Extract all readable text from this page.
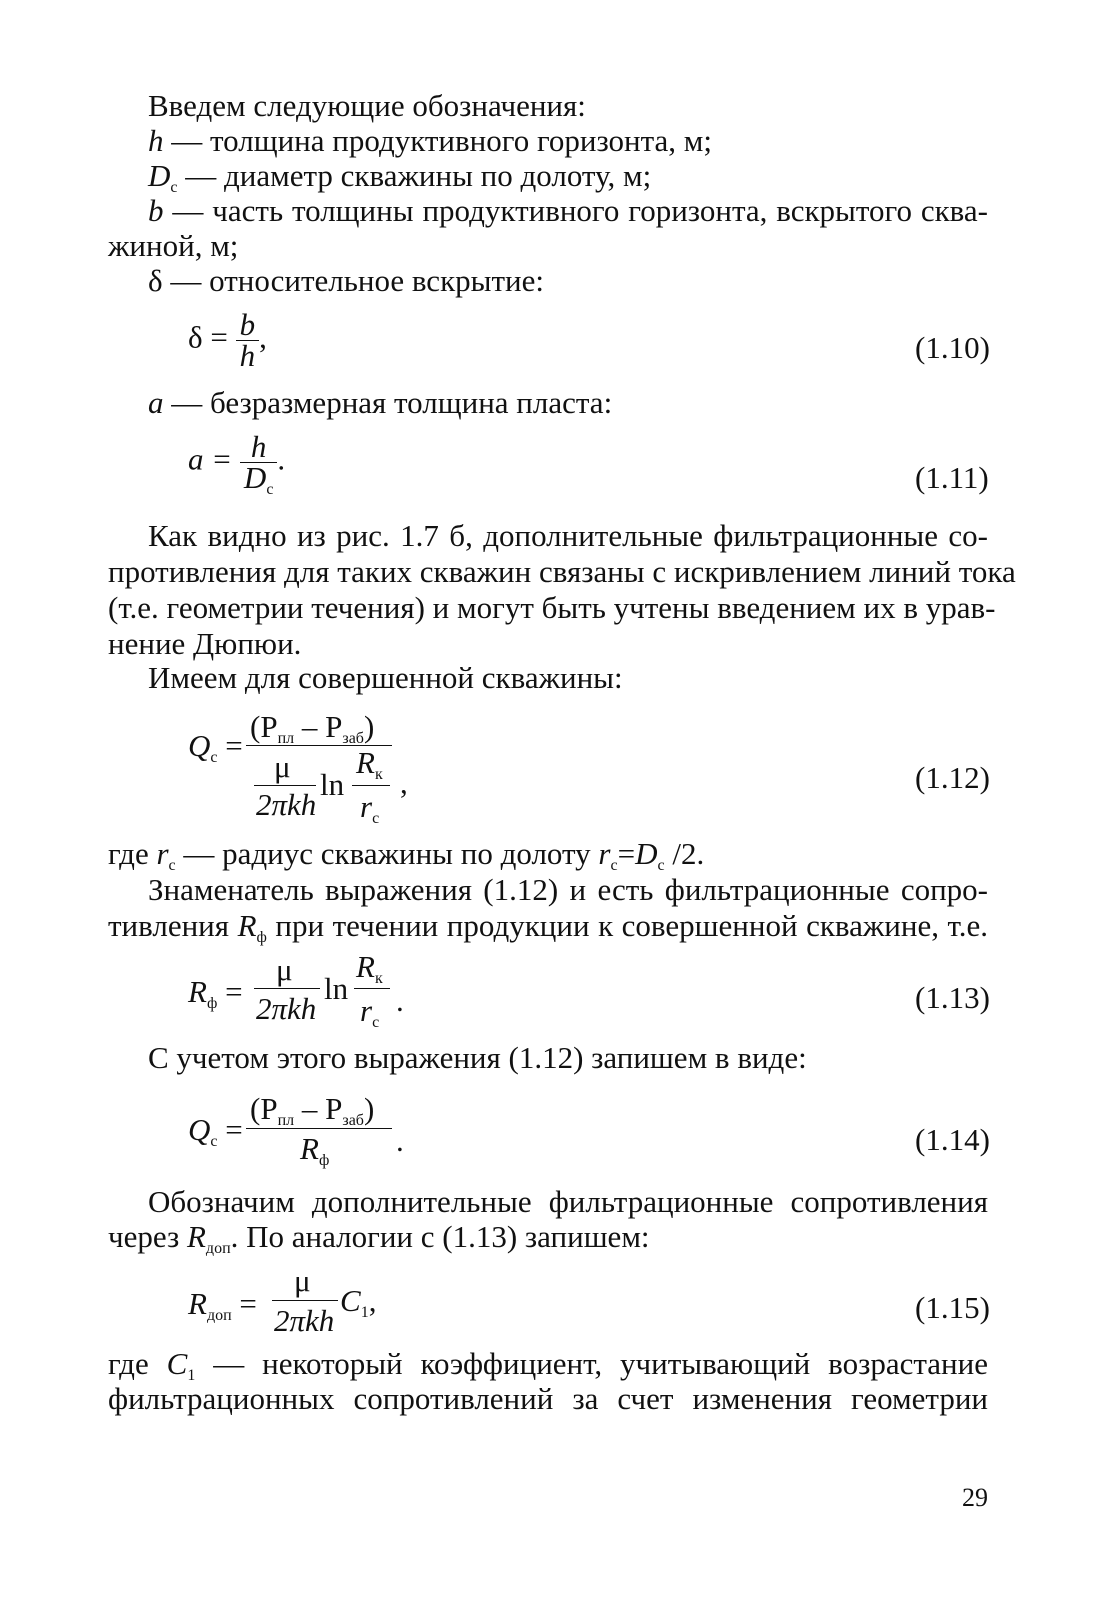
Введем следующие обозначения:
h — толщина продуктивного горизонта, м;
$D_с$ — диаметр скважины по долоту, м;
b — часть толщины продуктивного горизонта, вскрытого сква-
жиной, м;
δ — относительное вскрытие:
$\delta = \frac{b}{h}$ ,	(1.10)
a — безразмерная толщина пласта:
$a = \frac{h}{D_с}$ .
(1.11)
Как видно из рис. 1.7 б, дополнительные фильтрационные со-
противления для таких скважин связаны с искривлением линий тока
(т.е. геометрии течения) и могут быть учтены введением их в урав-
нение Дюпюи.
Имеем для совершенной скважины:
$Q_c$ =
$(P_{пл} - P_{заб})$
μ
2πkh
ln
$R_к$
$r_c$
,	(1.12)
где $r_с$ — радиус скважины по долоту $r_с=D_с$ /2.
Знаменатель выражения (1.12) и есть фильтрационные сопро-
тивления $R_ф$ при течении продукции к совершенной скважине, т.е.
$R_ф$ =
μ
2πkh
ln
$R_к$
$r_c$
.	(1.13)
С учетом этого выражения (1.12) запишем в виде:
$Q_c$ =
$(P_{пл} - P_{заб})$
$R_ф$
.	(1.14)
Обозначим дополнительные фильтрационные сопротивления
через $R_{доп}$. По аналогии с (1.13) запишем:
$R_{доп}$ =
μ
2πkh
$C_1$,	(1.15)
где $C_1$ — некоторый коэффициент, учитывающий возрастание
фильтрационных сопротивлений за счет изменения геометрии
29
